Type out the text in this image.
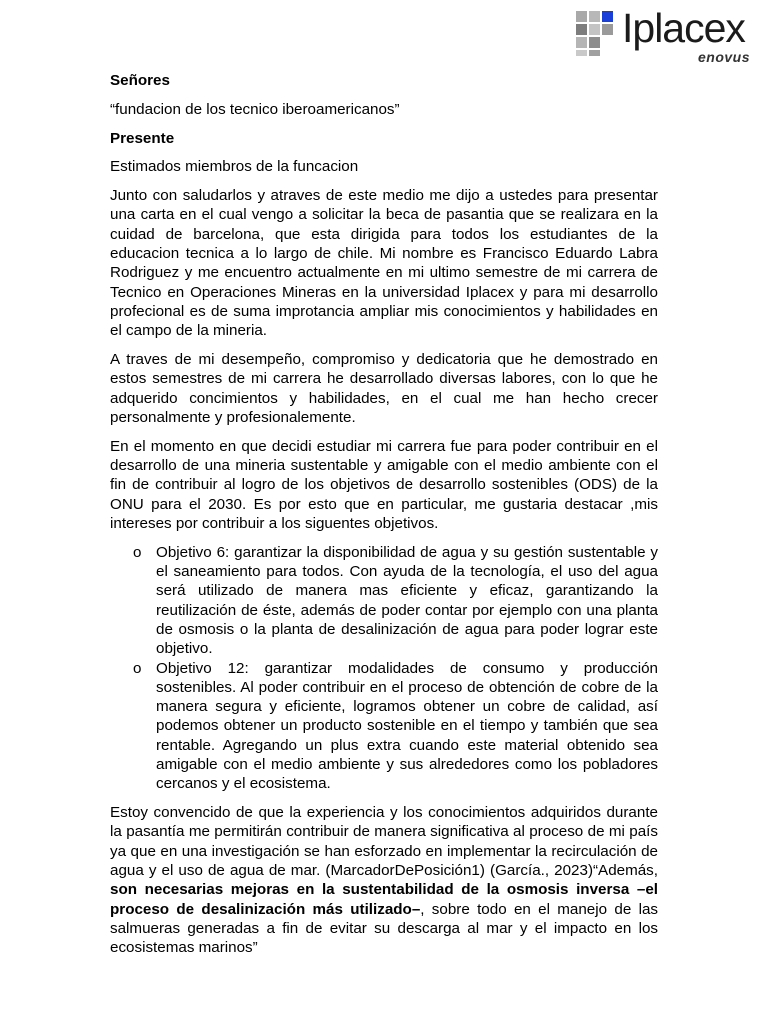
Iplacex
enovus

Señores

“fundacion de los tecnico iberoamericanos”

Presente

Estimados miembros de la funcacion

Junto con saludarlos y atraves de este medio me dijo a ustedes para presentar una carta en el cual vengo a solicitar la beca de pasantia que se realizara en la cuidad de barcelona, que esta dirigida para todos los estudiantes de la educacion tecnica a lo largo de chile. Mi nombre es Francisco Eduardo Labra Rodriguez y me encuentro actualmente en mi ultimo semestre de mi carrera de Tecnico en Operaciones Mineras en la universidad Iplacex y para mi desarrollo profecional es de suma improtancia ampliar mis conocimientos y habilidades en el campo de la mineria.

A traves de mi desempeño, compromiso y dedicatoria que he demostrado en estos semestres de mi carrera he desarrollado diversas labores, con lo que he adquerido concimientos y habilidades, en el cual me han hecho crecer personalmente y profesionalemente.

En el momento en que decidi estudiar mi carrera fue para poder contribuir en el desarrollo de una mineria sustentable y amigable con el medio ambiente con el fin de contribuir al logro de los objetivos de desarrollo sostenibles (ODS) de la ONU para el 2030. Es por esto que en particular, me gustaria destacar ,mis intereses por contribuir a los siguentes objetivos.

o Objetivo 6: garantizar la disponibilidad de agua y su gestión sustentable y el saneamiento para todos. Con ayuda de la tecnología, el uso del agua será utilizado de manera mas eficiente y eficaz, garantizando la reutilización de éste, además de poder contar por ejemplo con una planta de osmosis o la planta de desalinización de agua para poder lograr este objetivo.
o Objetivo 12: garantizar modalidades de consumo y producción sostenibles. Al poder contribuir en el proceso de obtención de cobre de la manera segura y eficiente, logramos obtener un cobre de calidad, así podemos obtener un producto sostenible en el tiempo y también que sea rentable. Agregando un plus extra cuando este material obtenido sea amigable con el medio ambiente y sus alrededores como los pobladores cercanos y el ecosistema.

Estoy convencido de que la experiencia y los conocimientos adquiridos durante la pasantía me permitirán contribuir de manera significativa al proceso de mi país ya que en una investigación se han esforzado en implementar la recirculación de agua y el uso de agua de mar. (MarcadorDePosición1) (García., 2023)“Además, son necesarias mejoras en la sustentabilidad de la osmosis inversa –el proceso de desalinización más utilizado–, sobre todo en el manejo de las salmueras generadas a fin de evitar su descarga al mar y el impacto en los ecosistemas marinos”
